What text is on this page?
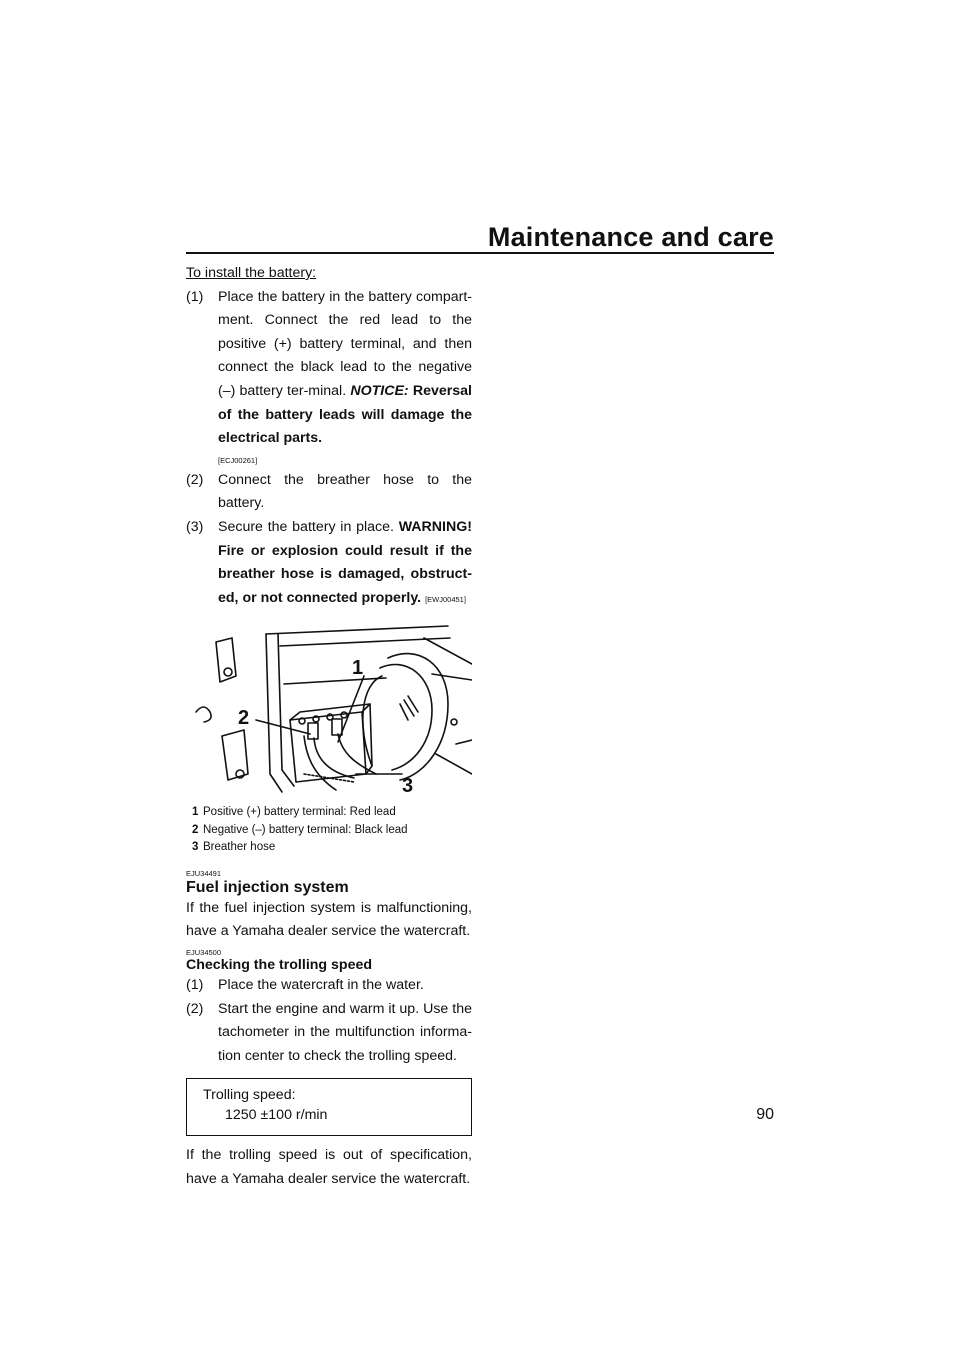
Maintenance and care

To install the battery:

(1)	Place the battery in the battery compart-ment. Connect the red lead to the positive (+) battery terminal, and then connect the black lead to the negative (–) battery ter-minal. NOTICE: Reversal of the battery leads will damage the electrical parts.
[ECJ00261]
(2)	Connect the breather hose to the battery.
(3)	Secure the battery in place. WARNING! Fire or explosion could result if the breather hose is damaged, obstruct-ed, or not connected properly. [EWJ00451]
1
2
3
1 Positive (+) battery terminal: Red lead
2 Negative (–) battery terminal: Black lead
3 Breather hose
EJU34491
Fuel injection system

If the fuel injection system is malfunctioning, have a Yamaha dealer service the watercraft.

EJU34500
Checking the trolling speed
(1)	Place the watercraft in the water.
(2)	Start the engine and warm it up. Use the tachometer in the multifunction informa-tion center to check the trolling speed.
Trolling speed:
1250 ±100 r/min

If the trolling speed is out of specification, have a Yamaha dealer service the watercraft.

90
